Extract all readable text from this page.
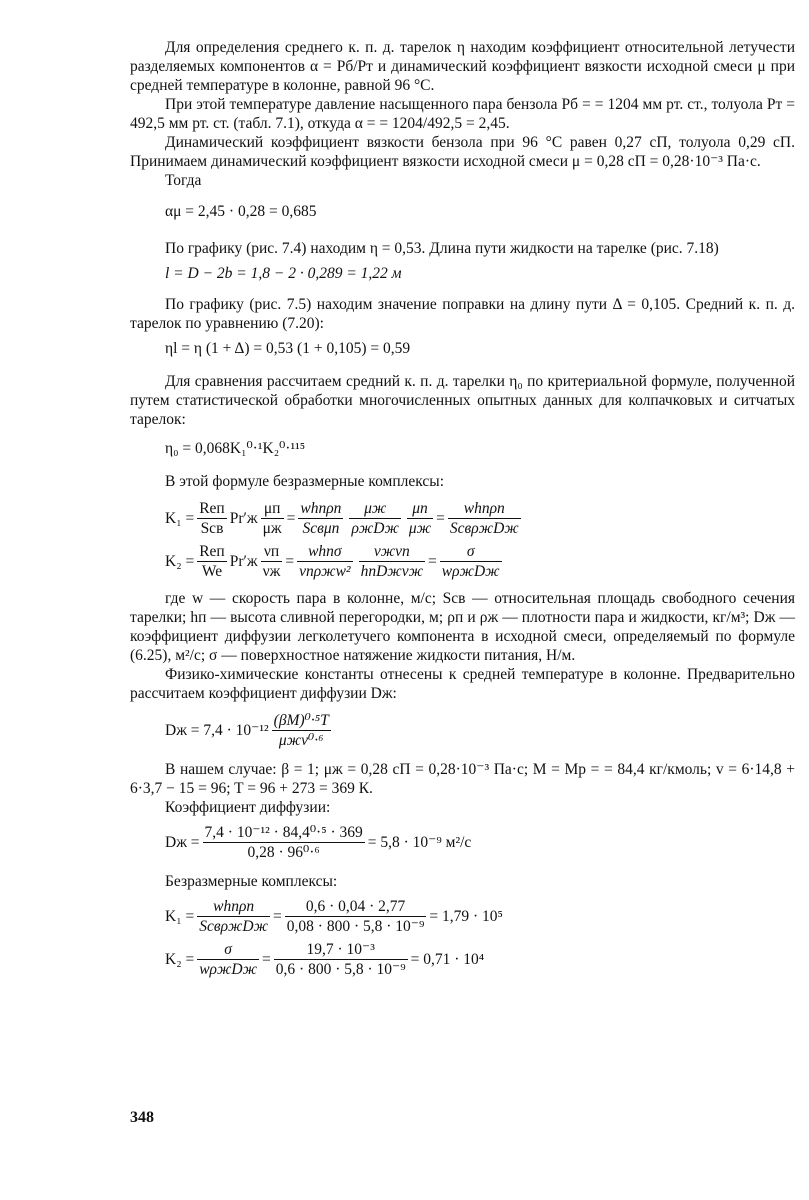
Для определения среднего к. п. д. тарелок η находим коэффициент относительной летучести разделяемых компонентов α = Pб/Pт и динамический коэффициент вязкости исходной смеси μ при средней температуре в колонне, равной 96 °С.

При этой температуре давление насыщенного пара бензола Pб = = 1204 мм рт. ст., толуола Pт = 492,5 мм рт. ст. (табл. 7.1), откуда α = = 1204/492,5 = 2,45.

Динамический коэффициент вязкости бензола при 96 °С равен 0,27 сП, толуола 0,29 сП. Принимаем динамический коэффициент вязкости исходной смеси μ = 0,28 сП = 0,28·10⁻³ Па·с.

Тогда

αμ = 2,45 · 0,28 = 0,685

По графику (рис. 7.4) находим η = 0,53. Длина пути жидкости на тарелке (рис. 7.18)

l = D − 2b = 1,8 − 2 · 0,289 = 1,22 м

По графику (рис. 7.5) находим значение поправки на длину пути Δ = 0,105. Средний к. п. д. тарелок по уравнению (7.20):

ηl = η (1 + Δ) = 0,53 (1 + 0,105) = 0,59

Для сравнения рассчитаем средний к. п. д. тарелки η₀ по критериальной формуле, полученной путем статистической обработки многочисленных опытных данных для колпачковых и ситчатых тарелок:

η₀ = 0,068K₁⁰·¹K₂⁰·¹¹⁵

В этой формуле безразмерные комплексы:

$K_1 = \frac{\text{Reп}}{\text{Sсв}} Pr'ж \frac{\mu п}{\mu ж} = \frac{\text{whпρп}}{\text{Sсвμп}} \frac{\mu ж}{\text{ρжDж}} \frac{\mu п}{\mu ж} = \frac{\text{whпρп}}{\text{SсвρжDж}}$
$K_2 = \frac{\text{Reп}}{We} Pr'ж \frac{\nu п}{\nu ж} = \frac{\text{whпσ}}{\text{νпρжw²}} \frac{\text{νжνп}}{\text{hпDжνж}} = \frac{\sigma}{\text{wρжDж}}$

где w — скорость пара в колонне, м/с; Sсв — относительная площадь свободного сечения тарелки; hп — высота сливной перегородки, м; ρп и ρж — плотности пара и жидкости, кг/м³; Dж — коэффициент диффузии легколетучего компонента в исходной смеси, определяемый по формуле (6.25), м²/с; σ — поверхностное натяжение жидкости питания, Н/м.

Физико-химические константы отнесены к средней температуре в колонне. Предварительно рассчитаем коэффициент диффузии Dж:

Dж = $7,4 \cdot 10^{-12} \frac{\text{(βM)⁰·⁵T}}{\text{μжv⁰·⁶}}$

В нашем случае: β = 1; μж = 0,28 сП = 0,28·10⁻³ Па·с; M = Mр = = 84,4 кг/кмоль; v = 6·14,8 + 6·3,7 − 15 = 96; T = 96 + 273 = 369 К.

Коэффициент диффузии:

Dж = $\frac{\text{7,4 · 10⁻¹² · 84,4⁰·⁵ · 369}}{\text{0,28 · 96⁰·⁶}} = 5,8 \cdot 10^{-9}$ м²/с

Безразмерные комплексы:

$K_1 = \frac{\text{whпρп}}{\text{SсвρжDж}} = \frac{0,6 \cdot 0,04 \cdot 2,77}{\text{0,08 · 800 · 5,8 · 10⁻⁹}} = 1,79 \cdot 10^5$
$K_2 = \frac{\sigma}{\text{wρжDж}} = \frac{\text{19,7 · 10⁻³}}{\text{0,6 · 800 · 5,8 · 10⁻⁹}} = 0,71 \cdot 10^4$
348
